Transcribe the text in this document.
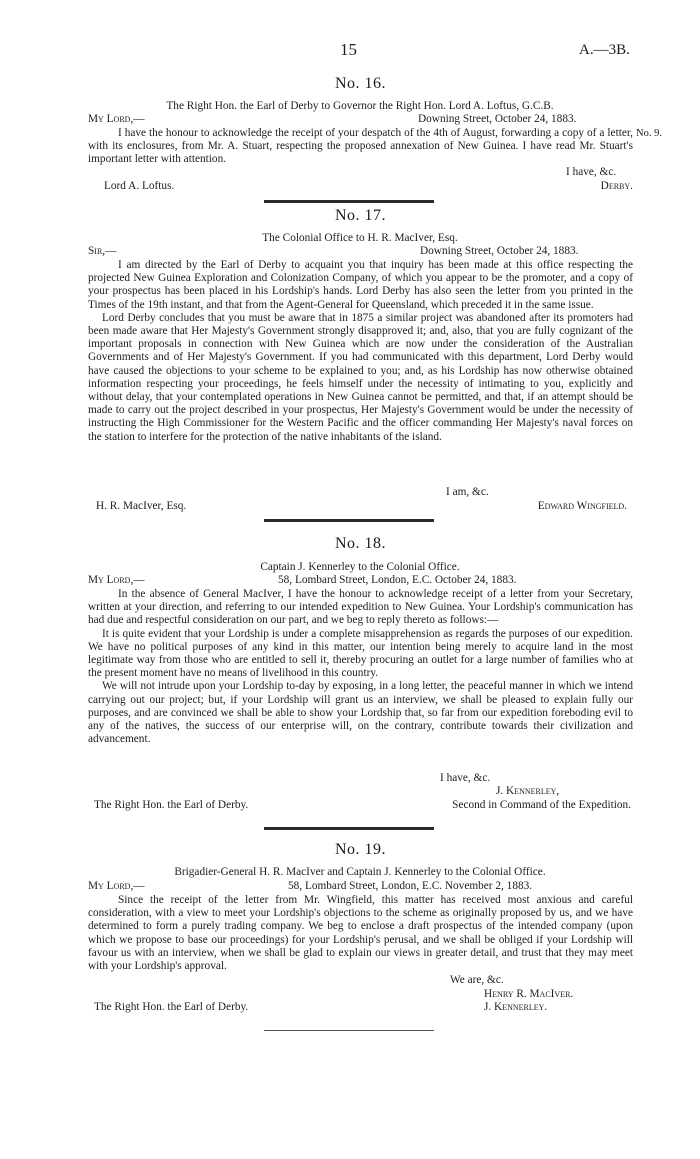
15	A.—3B.
No. 16.
The Right Hon. the Earl of Derby to Governor the Right Hon. Lord A. Loftus, G.C.B.
My Lord,—	Downing Street, October 24, 1883.

I have the honour to acknowledge the receipt of your despatch of the 4th of August, forwarding a copy of a letter, with its enclosures, from Mr. A. Stuart, respecting the proposed annexation of New Guinea. I have read Mr. Stuart's important letter with attention.

No. 9.
I have, &c.
Lord A. Loftus.	Derby.
No. 17.
The Colonial Office to H. R. MacIver, Esq.
Sir,—	Downing Street, October 24, 1883.

I am directed by the Earl of Derby to acquaint you that inquiry has been made at this office respecting the projected New Guinea Exploration and Colonization Company, of which you appear to be the promoter, and a copy of your prospectus has been placed in his Lordship's hands. Lord Derby has also seen the letter from you printed in the Times of the 19th instant, and that from the Agent-General for Queensland, which preceded it in the same issue.

Lord Derby concludes that you must be aware that in 1875 a similar project was abandoned after its promoters had been made aware that Her Majesty's Government strongly disapproved it; and, also, that you are fully cognizant of the important proposals in connection with New Guinea which are now under the consideration of the Australian Governments and of Her Majesty's Government. If you had communicated with this department, Lord Derby would have caused the objections to your scheme to be explained to you; and, as his Lordship has now otherwise obtained information respecting your proceedings, he feels himself under the necessity of intimating to you, explicitly and without delay, that your contemplated operations in New Guinea cannot be permitted, and that, if an attempt should be made to carry out the project described in your prospectus, Her Majesty's Government would be under the necessity of instructing the High Commissioner for the Western Pacific and the officer commanding Her Majesty's naval forces on the station to interfere for the protection of the native inhabitants of the island.

I am, &c.
H. R. MacIver, Esq.	Edward Wingfield.
No. 18.
Captain J. Kennerley to the Colonial Office.
My Lord,—	58, Lombard Street, London, E.C. October 24, 1883.

In the absence of General MacIver, I have the honour to acknowledge receipt of a letter from your Secretary, written at your direction, and referring to our intended expedition to New Guinea. Your Lordship's communication has had due and respectful consideration on our part, and we beg to reply thereto as follows:—

It is quite evident that your Lordship is under a complete misapprehension as regards the purposes of our expedition. We have no political purposes of any kind in this matter, our intention being merely to acquire land in the most legitimate way from those who are entitled to sell it, thereby procuring an outlet for a large number of families who at the present moment have no means of livelihood in this country.

We will not intrude upon your Lordship to-day by exposing, in a long letter, the peaceful manner in which we intend carrying out our project; but, if your Lordship will grant us an interview, we shall be pleased to explain fully our purposes, and are convinced we shall be able to show your Lordship that, so far from our expedition foreboding evil to any of the natives, the success of our enterprise will, on the contrary, contribute towards their civilization and advancement.

I have, &c.
J. Kennerley,
The Right Hon. the Earl of Derby.	Second in Command of the Expedition.
No. 19.
Brigadier-General H. R. MacIver and Captain J. Kennerley to the Colonial Office.
My Lord,—	58, Lombard Street, London, E.C. November 2, 1883.

Since the receipt of the letter from Mr. Wingfield, this matter has received most anxious and careful consideration, with a view to meet your Lordship's objections to the scheme as originally proposed by us, and we have determined to form a purely trading company. We beg to enclose a draft prospectus of the intended company (upon which we propose to base our proceedings) for your Lordship's perusal, and we shall be obliged if your Lordship will favour us with an interview, when we shall be glad to explain our views in greater detail, and trust that they may meet with your Lordship's approval.

We are, &c.
Henry R. MacIver.
The Right Hon. the Earl of Derby.	J. Kennerley.
